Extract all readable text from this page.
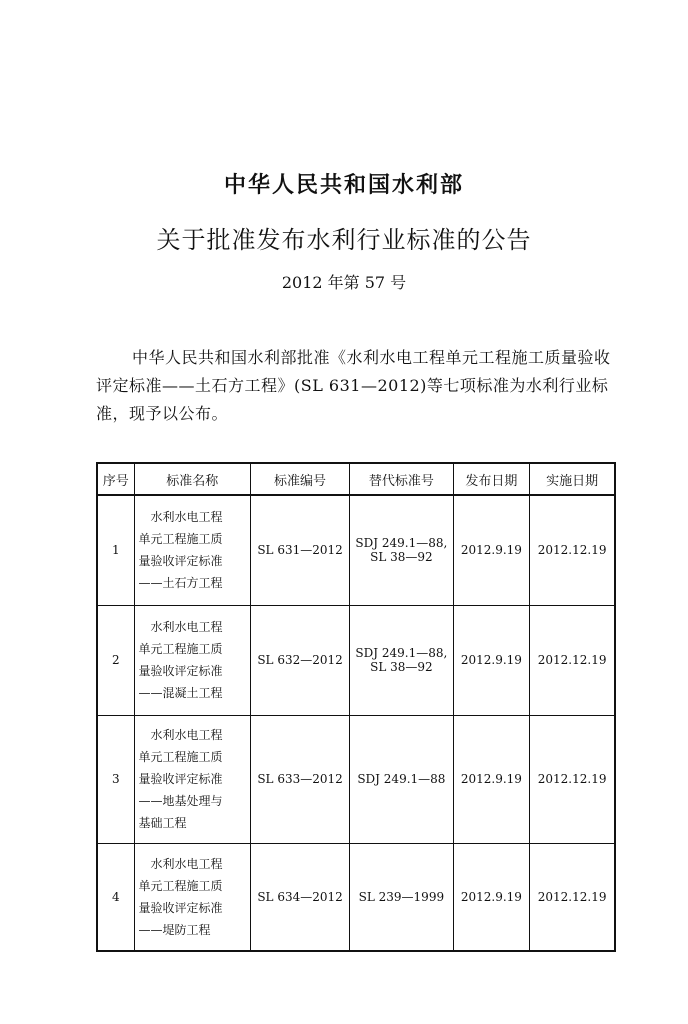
中华人民共和国水利部
关于批准发布水利行业标准的公告
2012 年第 57 号

中华人民共和国水利部批准《水利水电工程单元工程施工质量验收评定标准——土石方工程》(SL 631—2012)等七项标准为水利行业标准，现予以公布。

序号	标准名称	标准编号	替代标准号	发布日期	实施日期
1	水利水电工程
单元工程施工质
量验收评定标准
——土石方工程	SL 631—2012	SDJ 249.1—88,
SL 38—92	2012.9.19	2012.12.19
2	水利水电工程
单元工程施工质
量验收评定标准
——混凝土工程	SL 632—2012	SDJ 249.1—88,
SL 38—92	2012.9.19	2012.12.19
3	水利水电工程
单元工程施工质
量验收评定标准
——地基处理与
基础工程	SL 633—2012	SDJ 249.1—88	2012.9.19	2012.12.19
4	水利水电工程
单元工程施工质
量验收评定标准
——堤防工程	SL 634—2012	SL 239—1999	2012.9.19	2012.12.19
